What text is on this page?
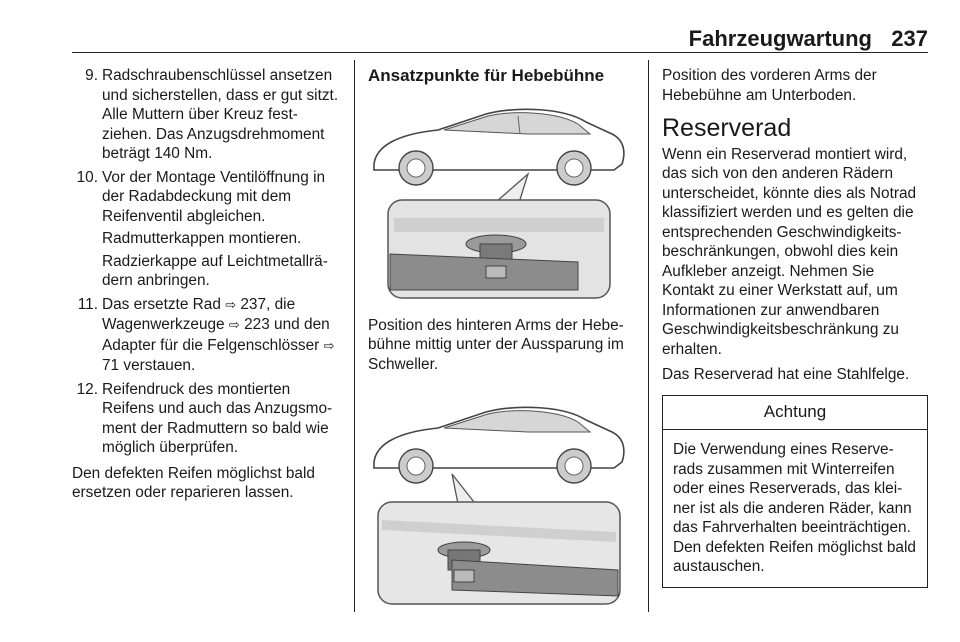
Fahrzeugwartung 237
9. Radschraubenschlüssel ansetzen und sicherstellen, dass er gut sitzt. Alle Muttern über Kreuz festziehen. Das Anzugsdrehmoment beträgt 140 Nm.
10. Vor der Montage Ventilöffnung in der Radabdeckung mit dem Reifenventil abgleichen.
Radmutterkappen montieren.
Radzierkappe auf Leichtmetallrädern anbringen.
11. Das ersetzte Rad ⇨ 237, die Wagenwerkzeuge ⇨ 223 und den Adapter für die Felgenschlösser ⇨ 71 verstauen.
12. Reifendruck des montierten Reifens und auch das Anzugsmoment der Radmuttern so bald wie möglich überprüfen.

Den defekten Reifen möglichst bald ersetzen oder reparieren lassen.

Ansatzpunkte für Hebebühne

Position des hinteren Arms der Hebebühne mittig unter der Aussparung im Schweller.

Position des vorderen Arms der Hebebühne am Unterboden.

Reserverad

Wenn ein Reserverad montiert wird, das sich von den anderen Rädern unterscheidet, könnte dies als Notrad klassifiziert werden und es gelten die entsprechenden Geschwindigkeitsbeschränkungen, obwohl dies kein Aufkleber anzeigt. Nehmen Sie Kontakt zu einer Werkstatt auf, um Informationen zur anwendbaren Geschwindigkeitsbeschränkung zu erhalten.

Das Reserverad hat eine Stahlfelge.

Achtung
Die Verwendung eines Reserverads zusammen mit Winterreifen oder eines Reserverads, das kleiner ist als die anderen Räder, kann das Fahrverhalten beeinträchtigen. Den defekten Reifen möglichst bald austauschen.
